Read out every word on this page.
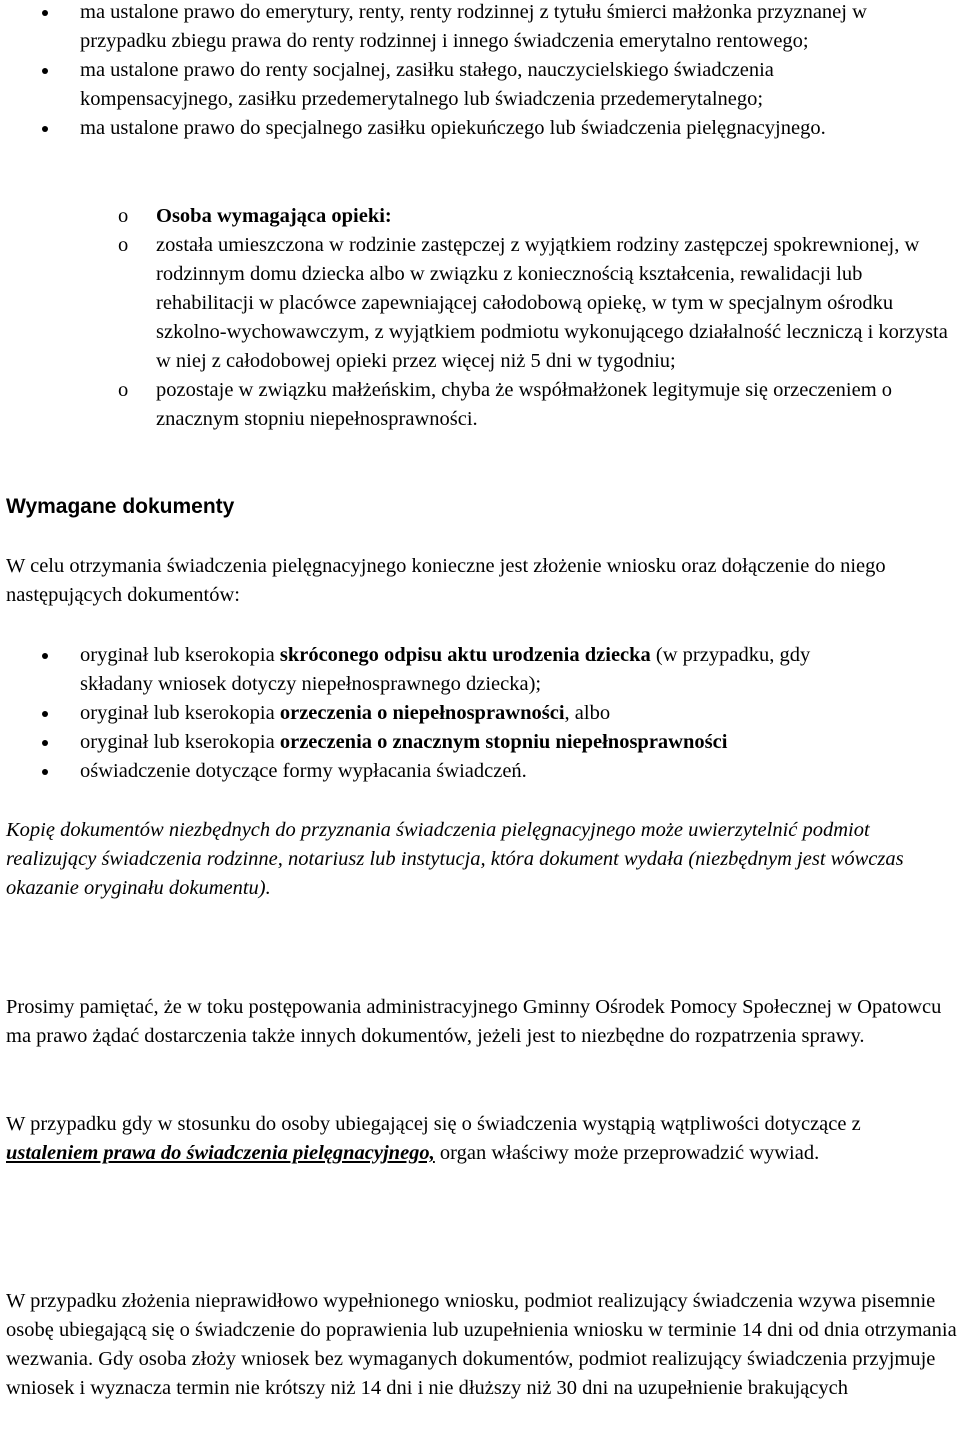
ma ustalone prawo do emerytury, renty, renty rodzinnej z tytułu śmierci małżonka przyznanej w przypadku zbiegu prawa do renty rodzinnej i innego świadczenia emerytalno rentowego;
ma ustalone prawo do renty socjalnej, zasiłku stałego, nauczycielskiego świadczenia kompensacyjnego, zasiłku przedemerytalnego lub świadczenia przedemerytalnego;
ma ustalone prawo do specjalnego zasiłku opiekuńczego lub świadczenia pielęgnacyjnego.
o Osoba wymagająca opieki:
o została umieszczona w rodzinie zastępczej z wyjątkiem rodziny zastępczej spokrewnionej, w rodzinnym domu dziecka albo w związku z koniecznością kształcenia, rewalidacji lub rehabilitacji w placówce zapewniającej całodobową opiekę, w tym w specjalnym ośrodku szkolno-wychowawczym, z wyjątkiem podmiotu wykonującego działalność leczniczą i korzysta w niej z całodobowej opieki przez więcej niż 5 dni w tygodniu;
o pozostaje w związku małżeńskim, chyba że współmałżonek legitymuje się orzeczeniem o znacznym stopniu niepełnosprawności.
Wymagane dokumenty
W celu otrzymania świadczenia pielęgnacyjnego konieczne jest złożenie wniosku oraz dołączenie do niego następujących dokumentów:
oryginał lub kserokopia skróconego odpisu aktu urodzenia dziecka (w przypadku, gdy składany wniosek dotyczy niepełnosprawnego dziecka);
oryginał lub kserokopia orzeczenia o niepełnosprawności, albo
oryginał lub kserokopia orzeczenia o znacznym stopniu niepełnosprawności
oświadczenie dotyczące formy wypłacania świadczeń.
Kopię dokumentów niezbędnych do przyznania świadczenia pielęgnacyjnego może uwierzytelnić podmiot realizujący świadczenia rodzinne, notariusz lub instytucja, która dokument wydała (niezbędnym jest wówczas okazanie oryginału dokumentu).
Prosimy pamiętać, że w toku postępowania administracyjnego Gminny Ośrodek Pomocy Społecznej w Opatowcu ma prawo żądać dostarczenia także innych dokumentów, jeżeli jest to niezbędne do rozpatrzenia sprawy.
W przypadku gdy w stosunku do osoby ubiegającej się o świadczenia wystąpią wątpliwości dotyczące z ustaleniem prawa do świadczenia pielęgnacyjnego, organ właściwy może przeprowadzić wywiad.
W przypadku złożenia nieprawidłowo wypełnionego wniosku, podmiot realizujący świadczenia wzywa pisemnie osobę ubiegającą się o świadczenie do poprawienia lub uzupełnienia wniosku w terminie 14 dni od dnia otrzymania wezwania. Gdy osoba złoży wniosek bez wymaganych dokumentów, podmiot realizujący świadczenia przyjmuje wniosek i wyznacza termin nie krótszy niż 14 dni i nie dłuższy niż 30 dni na uzupełnienie brakujących
